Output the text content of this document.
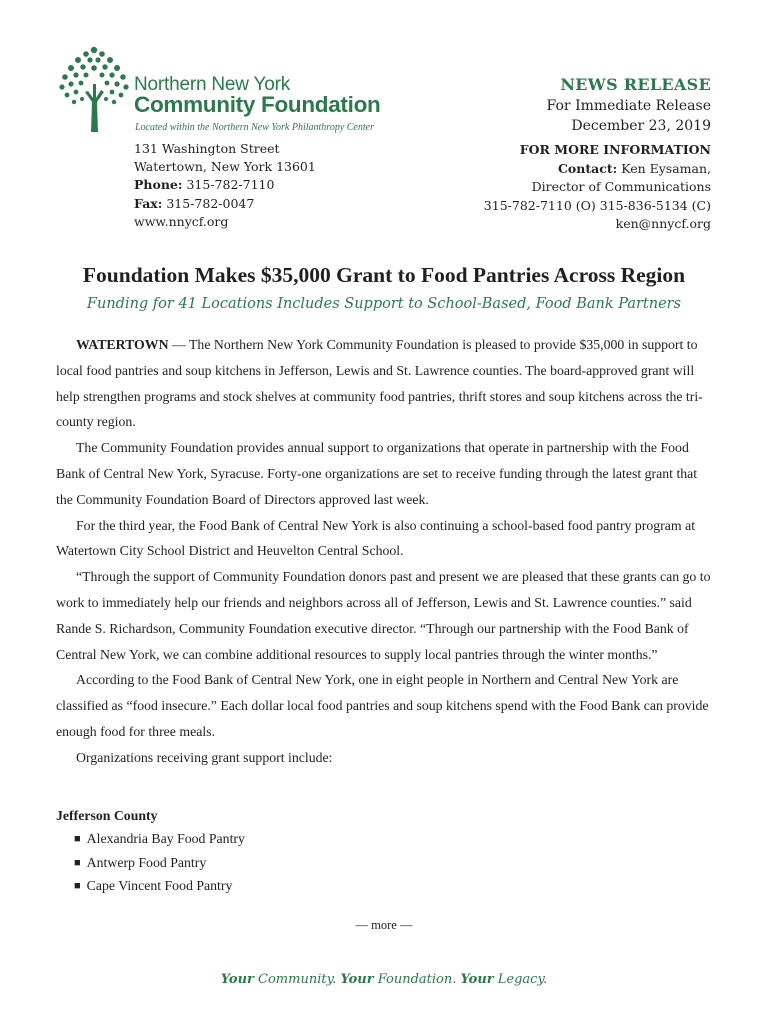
Northern New York
Community Foundation
Located within the Northern New York Philanthropy Center
131 Washington Street
Watertown, New York 13601
Phone: 315-782-7110
Fax: 315-782-0047
www.nnycf.org
NEWS RELEASE
For Immediate Release
December 23, 2019
FOR MORE INFORMATION
Contact: Ken Eysaman,
Director of Communications
315-782-7110 (O) 315-836-5134 (C)
ken@nnycf.org
Foundation Makes $35,000 Grant to Food Pantries Across Region
Funding for 41 Locations Includes Support to School-Based, Food Bank Partners

WATERTOWN — The Northern New York Community Foundation is pleased to provide $35,000 in support to local food pantries and soup kitchens in Jefferson, Lewis and St. Lawrence counties. The board-approved grant will help strengthen programs and stock shelves at community food pantries, thrift stores and soup kitchens across the tri-county region.

The Community Foundation provides annual support to organizations that operate in partnership with the Food Bank of Central New York, Syracuse. Forty-one organizations are set to receive funding through the latest grant that the Community Foundation Board of Directors approved last week.

For the third year, the Food Bank of Central New York is also continuing a school-based food pantry program at Watertown City School District and Heuvelton Central School.

“Through the support of Community Foundation donors past and present we are pleased that these grants can go to work to immediately help our friends and neighbors across all of Jefferson, Lewis and St. Lawrence counties.” said Rande S. Richardson, Community Foundation executive director. “Through our partnership with the Food Bank of Central New York, we can combine additional resources to supply local pantries through the winter months.”

According to the Food Bank of Central New York, one in eight people in Northern and Central New York are classified as “food insecure.” Each dollar local food pantries and soup kitchens spend with the Food Bank can provide enough food for three meals.

Organizations receiving grant support include:

Jefferson County
■ Alexandria Bay Food Pantry
■ Antwerp Food Pantry
■ Cape Vincent Food Pantry
— more —
Your Community. Your Foundation. Your Legacy.
